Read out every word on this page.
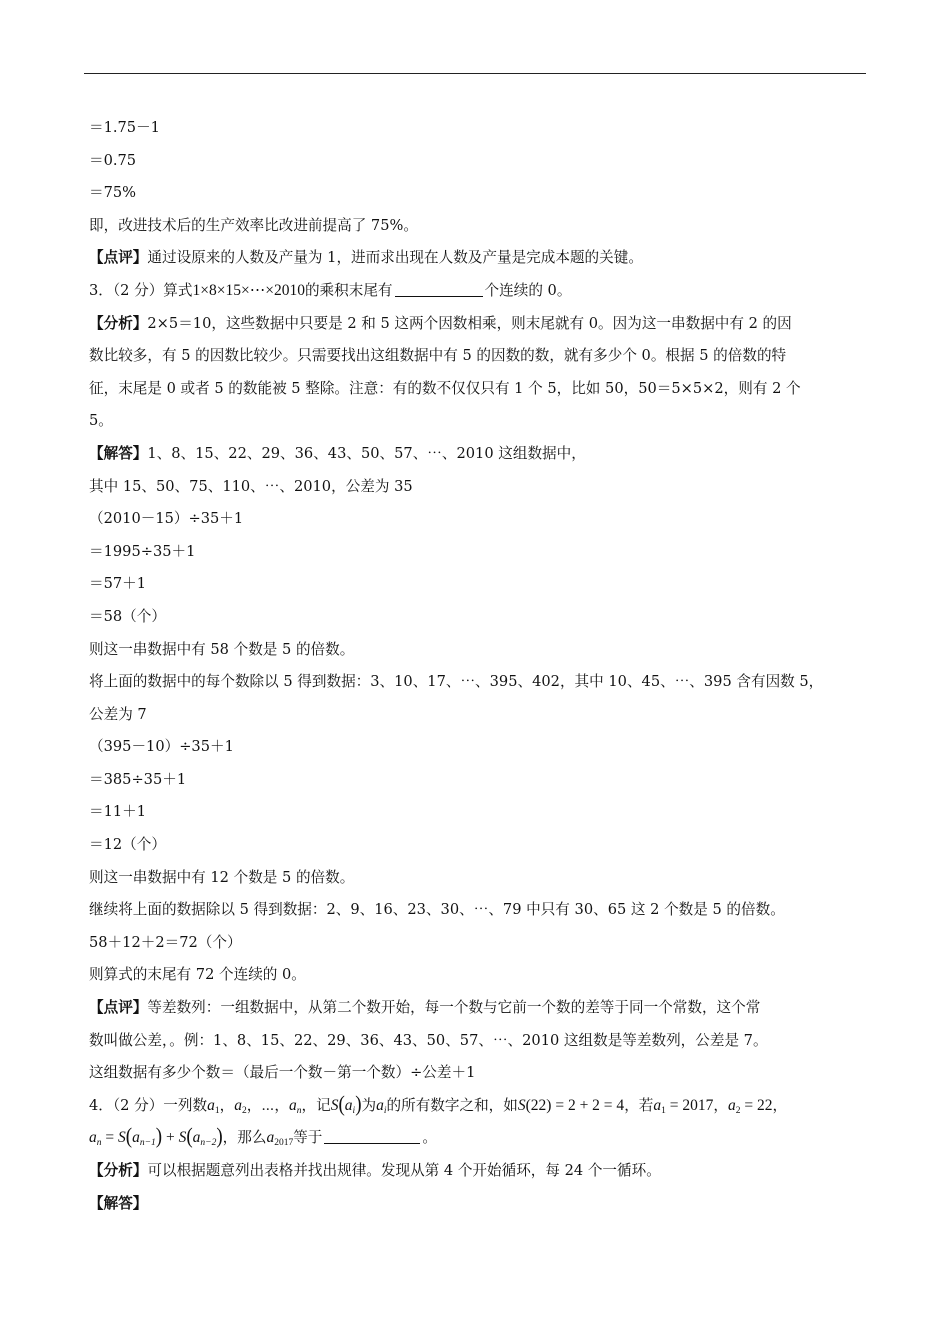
＝1.75－1
＝0.75
＝75%
即，改进技术后的生产效率比改进前提高了 75%。
【点评】通过设原来的人数及产量为 1，进而求出现在人数及产量是完成本题的关键。
3．（2 分）算式1×8×15×⋯×2010的乘积末尾有	个连续的 0。
【分析】2×5＝10，这些数据中只要是 2 和 5 这两个因数相乘，则末尾就有 0。因为这一串数据中有 2 的因
数比较多，有 5 的因数比较少。只需要找出这组数据中有 5 的因数的数，就有多少个 0。根据 5 的倍数的特
征，末尾是 0 或者 5 的数能被 5 整除。注意：有的数不仅仅只有 1 个 5，比如 50，50＝5×5×2，则有 2 个
5。
【解答】1、8、15、22、29、36、43、50、57、⋯、2010 这组数据中，
其中 15、50、75、110、⋯、2010，公差为 35
（2010－15）÷35＋1
＝1995÷35＋1
＝57＋1
＝58（个）
则这一串数据中有 58 个数是 5 的倍数。
将上面的数据中的每个数除以 5 得到数据：3、10、17、⋯、395、402，其中 10、45、⋯、395 含有因数 5，
公差为 7
（395－10）÷35＋1
＝385÷35＋1
＝11＋1
＝12（个）
则这一串数据中有 12 个数是 5 的倍数。
继续将上面的数据除以 5 得到数据：2、9、16、23、30、⋯、79 中只有 30、65 这 2 个数是 5 的倍数。
58＋12＋2＝72（个）
则算式的末尾有 72 个连续的 0。
【点评】等差数列：一组数据中，从第二个数开始，每一个数与它前一个数的差等于同一个常数，这个常
数叫做公差，。例：1、8、15、22、29、36、43、50、57、⋯、2010 这组数是等差数列，公差是 7。
这组数据有多少个数＝（最后一个数－第一个数）÷公差＋1
4．（2 分）一列数$a_1$，$a_2$，⋯，$a_n$，记$S(a_i)$为$a_i$的所有数字之和，如S(22) = 2 + 2 = 4，若$a_1 = 2017$，$a_2 = 22$，
$a_n = S(a_{n-1}) + S(a_{n-2})$，那么$a_{2017}$等于	。
【分析】可以根据题意列出表格并找出规律。发现从第 4 个开始循环，每 24 个一循环。
【解答】
